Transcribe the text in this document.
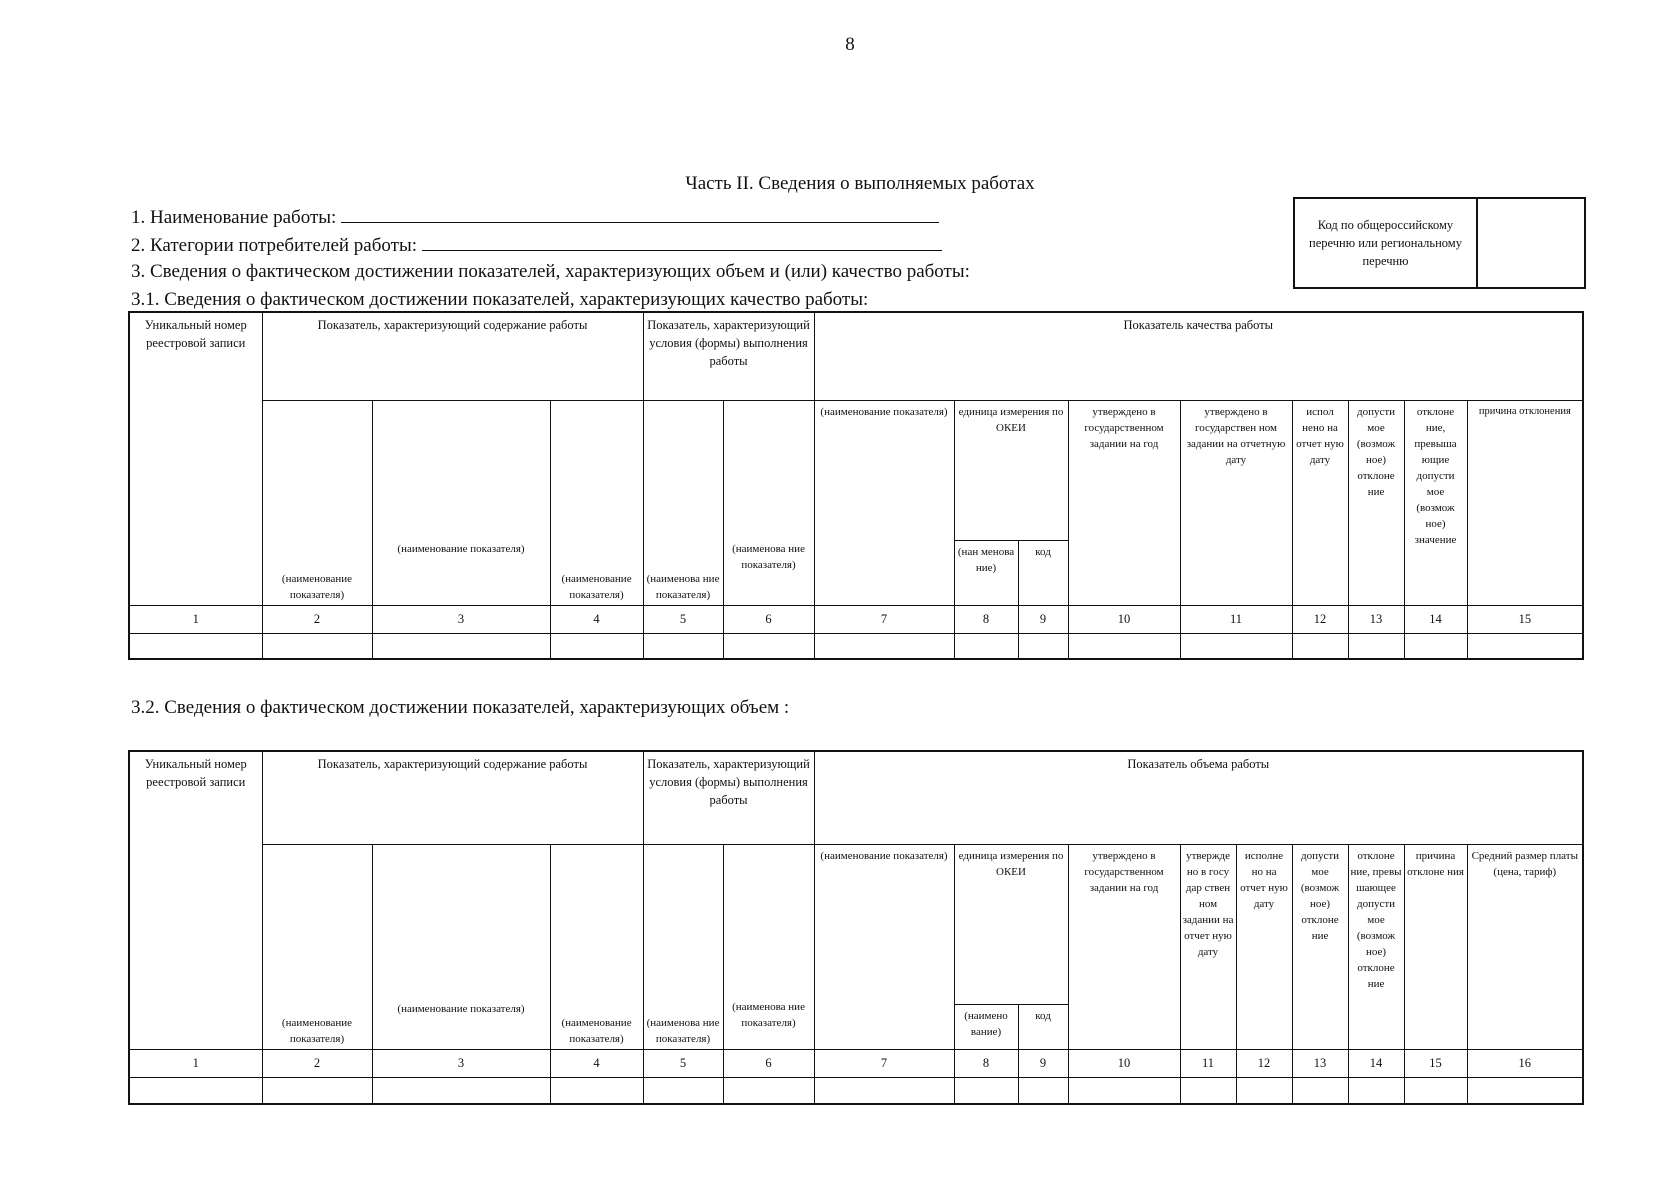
8
Часть II. Сведения о выполняемых работах
1. Наименование работы:
2. Категории потребителей работы:
3. Сведения о фактическом достижении показателей, характеризующих объем и (или) качество работы:
3.1. Сведения о фактическом достижении показателей, характеризующих качество работы:
Код по общероссийскому перечню или региональному перечню
Уникальный номер реестровой записи	Показатель, характеризующий содержание работы			Показатель, характеризующий условия (формы) выполнения работы		Показатель качества работы								
	(наименование показателя)	(наименование показателя)	(наименование показателя)	(наименова ние показателя)	(наименова ние показателя)	(наименование показателя)	единица измерения по ОКЕИ		утверждено в государственном задании на год	утверждено в государствен ном задании на отчетную дату	испол нено на отчет ную дату	допусти мое (возмож ное) отклоне ние	отклоне ние, превыша ющие допусти мое (возмож ное) значение	причина отклонения
							(нан менова ние)	код						
1	2	3	4	5	6	7	8	9	10	11	12	13	14	15

3.2. Сведения о фактическом достижении показателей, характеризующих объем :
Уникальный номер реестровой записи	Показатель, характеризующий содержание работы			Показатель, характеризующий условия (формы) выполнения работы		Показатель объема работы									
	(наименование показателя)	(наименование показателя)	(наименование показателя)	(наименова ние показателя)	(наименова ние показателя)	(наименование показателя)	единица измерения по ОКЕИ		утверждено в государственном задании на год	утвержде но в госу дар ствен ном задании на отчет ную дату	исполне но на отчет ную дату	допусти мое (возмож ное) отклоне ние	отклоне ние, превы шающее допусти мое (возмож ное) отклоне ние	причина отклоне ния	Средний размер платы (цена, тариф)
							(наимено вание)	код							
1	2	3	4	5	6	7	8	9	10	11	12	13	14	15	16
